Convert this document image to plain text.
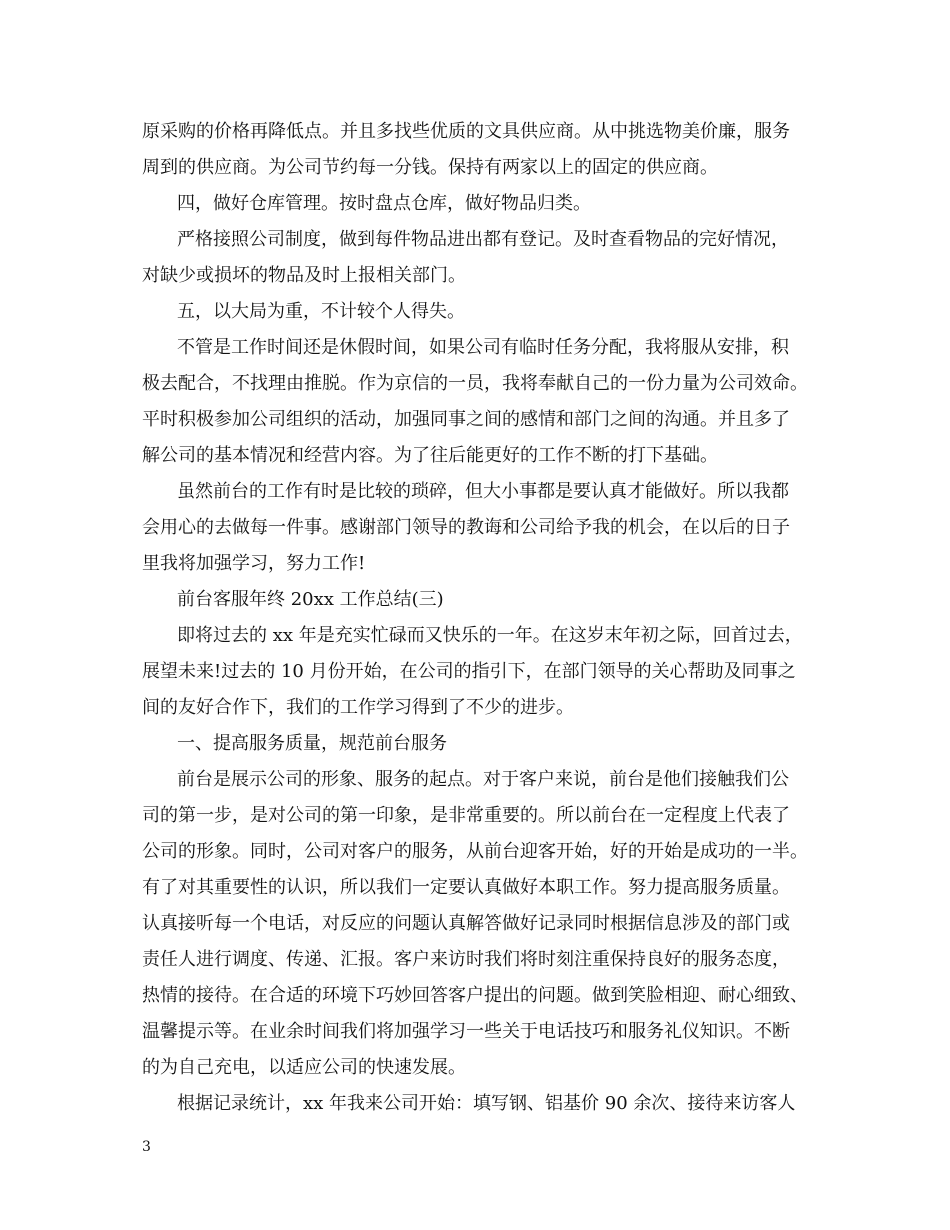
原采购的价格再降低点。并且多找些优质的文具供应商。从中挑选物美价廉，服务
周到的供应商。为公司节约每一分钱。保持有两家以上的固定的供应商。
四，做好仓库管理。按时盘点仓库，做好物品归类。
严格接照公司制度，做到每件物品进出都有登记。及时查看物品的完好情况，
对缺少或损坏的物品及时上报相关部门。
五，以大局为重，不计较个人得失。
不管是工作时间还是休假时间，如果公司有临时任务分配，我将服从安排，积
极去配合，不找理由推脱。作为京信的一员，我将奉献自己的一份力量为公司效命。
平时积极参加公司组织的活动，加强同事之间的感情和部门之间的沟通。并且多了
解公司的基本情况和经营内容。为了往后能更好的工作不断的打下基础。
虽然前台的工作有时是比较的琐碎，但大小事都是要认真才能做好。所以我都
会用心的去做每一件事。感谢部门领导的教诲和公司给予我的机会，在以后的日子
里我将加强学习，努力工作!
前台客服年终 20xx 工作总结(三)
即将过去的 xx 年是充实忙碌而又快乐的一年。在这岁末年初之际，回首过去，
展望未来!过去的 10 月份开始，在公司的指引下，在部门领导的关心帮助及同事之
间的友好合作下，我们的工作学习得到了不少的进步。
一、提高服务质量，规范前台服务
前台是展示公司的形象、服务的起点。对于客户来说，前台是他们接触我们公
司的第一步，是对公司的第一印象，是非常重要的。所以前台在一定程度上代表了
公司的形象。同时，公司对客户的服务，从前台迎客开始，好的开始是成功的一半。
有了对其重要性的认识，所以我们一定要认真做好本职工作。努力提高服务质量。
认真接听每一个电话，对反应的问题认真解答做好记录同时根据信息涉及的部门或
责任人进行调度、传递、汇报。客户来访时我们将时刻注重保持良好的服务态度，
热情的接待。在合适的环境下巧妙回答客户提出的问题。做到笑脸相迎、耐心细致、
温馨提示等。在业余时间我们将加强学习一些关于电话技巧和服务礼仪知识。不断
的为自己充电，以适应公司的快速发展。
根据记录统计，xx 年我来公司开始：填写钢、铝基价 90 余次、接待来访客人
3
